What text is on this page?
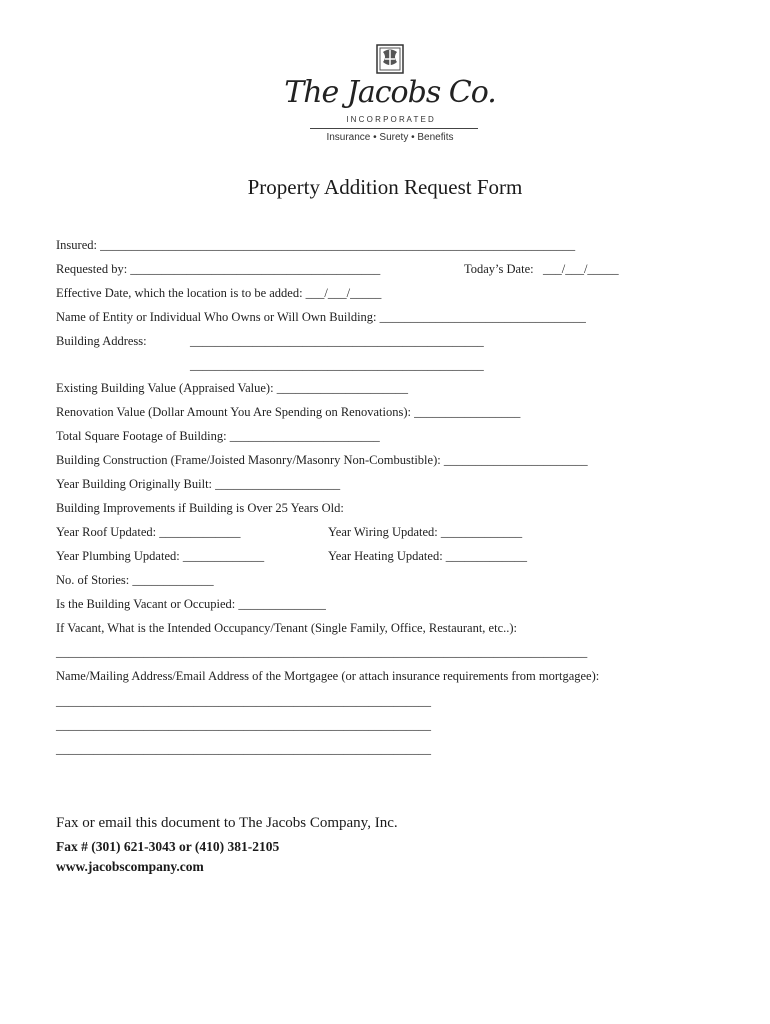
The Jacobs Co.
I N C O R P O R A T E D
Insurance • Surety • Benefits
Property Addition Request Form
Insured: ____________________________________________________________________________
Requested by: ________________________________________	Today’s Date:   ___/___/_____
Effective Date, which the location is to be added: ___/___/_____
Name of Entity or Individual Who Owns or Will Own Building: _________________________________
Building Address:	_______________________________________________
_______________________________________________
Existing Building Value (Appraised Value): _____________________
Renovation Value (Dollar Amount You Are Spending on Renovations): _________________
Total Square Footage of Building: ________________________
Building Construction (Frame/Joisted Masonry/Masonry Non-Combustible): _______________________
Year Building Originally Built: ____________________
Building Improvements if Building is Over 25 Years Old:
Year Roof Updated: _____________	Year Wiring Updated: _____________
Year Plumbing Updated: _____________	Year Heating Updated: _____________
No. of Stories: _____________
Is the Building Vacant or Occupied: ______________
If Vacant, What is the Intended Occupancy/Tenant (Single Family, Office, Restaurant, etc..):
_____________________________________________________________________________________
Name/Mailing Address/Email Address of the Mortgagee (or attach insurance requirements from mortgagee):
____________________________________________________________
____________________________________________________________
____________________________________________________________
Fax or email this document to The Jacobs Company, Inc.
Fax # (301) 621-3043 or (410) 381-2105
www.jacobscompany.com
